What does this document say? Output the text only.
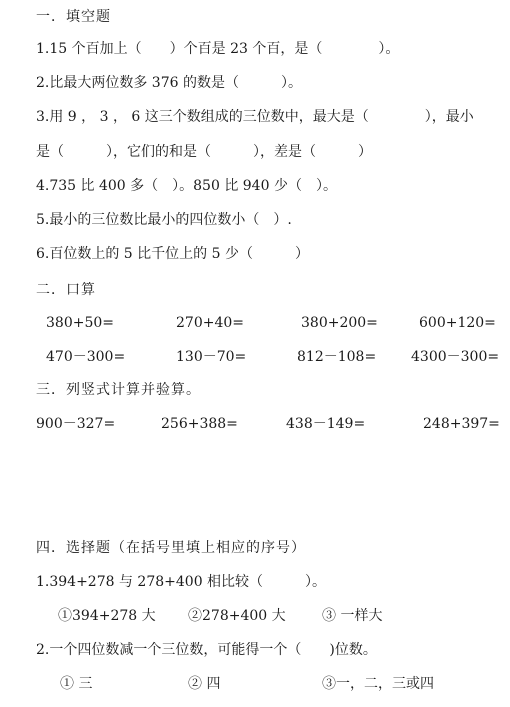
一．填空题
1.15 个百加上（　　）个百是 23 个百，是（　　　　）。
2.比最大两位数多 376 的数是（　　　）。
3.用 9 ， 3 ， 6 这三个数组成的三位数中，最大是（　　　　），最小
是（　　　），它们的和是（　　　），差是（　　　）
4.735 比 400 多（　）。850 比 940 少（　）。
5.最小的三位数比最小的四位数小（　）.
6.百位数上的 5 比千位上的 5 少（　　　）
二．口算
380+50=	270+40=	380+200=	600+120=
470－300=	130－70=	812－108= 4300－300=
三．列竖式计算并验算。
900－327=	256+388=	438－149=	248+397=
四．选择题（在括号里填上相应的序号）
1.394+278 与 278+400 相比较（　　　）。
①394+278 大 ②278+400 大	③ 一样大
2.一个四位数减一个三位数，可能得一个（　　)位数。
① 三	② 四	③一，二，三或四
